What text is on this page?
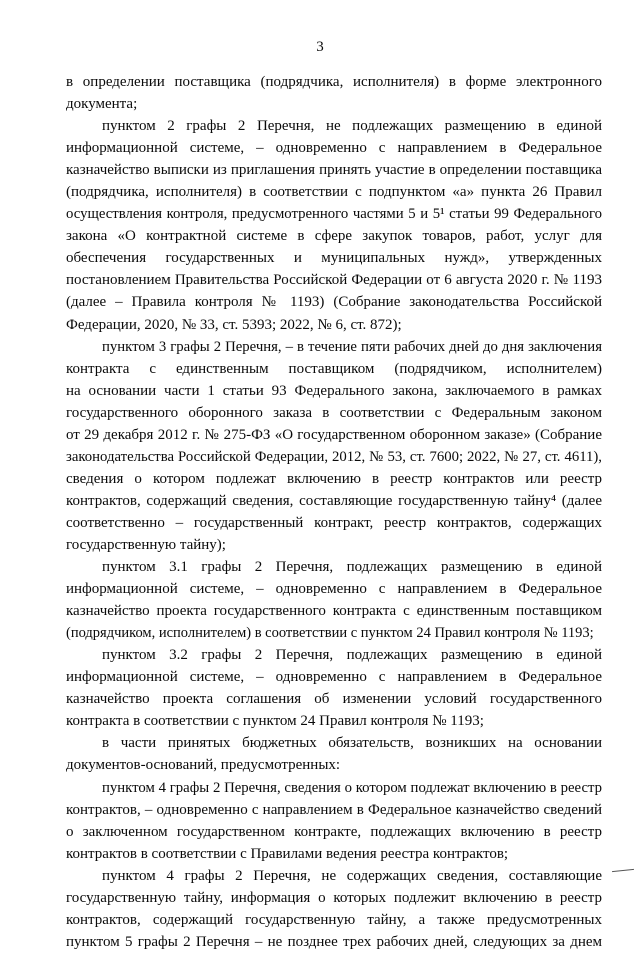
3
в определении поставщика (подрядчика, исполнителя) в форме электронного
документа;
пунктом 2 графы 2 Перечня, не подлежащих размещению в единой
информационной системе, – одновременно с направлением в Федеральное
казначейство выписки из приглашения принять участие в определении поставщика
(подрядчика, исполнителя) в соответствии с подпунктом «а» пункта 26 Правил
осуществления контроля, предусмотренного частями 5 и 5¹ статьи 99 Федерального
закона «О контрактной системе в сфере закупок товаров, работ, услуг для
обеспечения государственных и муниципальных нужд», утвержденных
постановлением Правительства Российской Федерации от 6 августа 2020 г. № 1193
(далее – Правила контроля № 1193) (Собрание законодательства Российской
Федерации, 2020, № 33, ст. 5393; 2022, № 6, ст. 872);
пунктом 3 графы 2 Перечня, – в течение пяти рабочих дней до дня заключения
контракта с единственным поставщиком (подрядчиком, исполнителем)
на основании части 1 статьи 93 Федерального закона, заключаемого в рамках
государственного оборонного заказа в соответствии с Федеральным законом
от 29 декабря 2012 г. № 275-ФЗ «О государственном оборонном заказе» (Собрание
законодательства Российской Федерации, 2012, № 53, ст. 7600; 2022, № 27, ст. 4611),
сведения о котором подлежат включению в реестр контрактов или реестр
контрактов, содержащий сведения, составляющие государственную тайну⁴ (далее
соответственно – государственный контракт, реестр контрактов, содержащих
государственную тайну);
пунктом 3.1 графы 2 Перечня, подлежащих размещению в единой
информационной системе, – одновременно с направлением в Федеральное
казначейство проекта государственного контракта с единственным поставщиком
(подрядчиком, исполнителем) в соответствии с пунктом 24 Правил контроля № 1193;
пунктом 3.2 графы 2 Перечня, подлежащих размещению в единой
информационной системе, – одновременно с направлением в Федеральное
казначейство проекта соглашения об изменении условий государственного
контракта в соответствии с пунктом 24 Правил контроля № 1193;
в части принятых бюджетных обязательств, возникших на основании
документов-оснований, предусмотренных:
пунктом 4 графы 2 Перечня, сведения о котором подлежат включению в реестр
контрактов, – одновременно с направлением в Федеральное казначейство сведений
о заключенном государственном контракте, подлежащих включению в реестр
контрактов в соответствии с Правилами ведения реестра контрактов;
пунктом 4 графы 2 Перечня, не содержащих сведения, составляющие
государственную тайну, информация о которых подлежит включению в реестр
контрактов, содержащий государственную тайну, а также предусмотренных
пунктом 5 графы 2 Перечня – не позднее трех рабочих дней, следующих за днем
